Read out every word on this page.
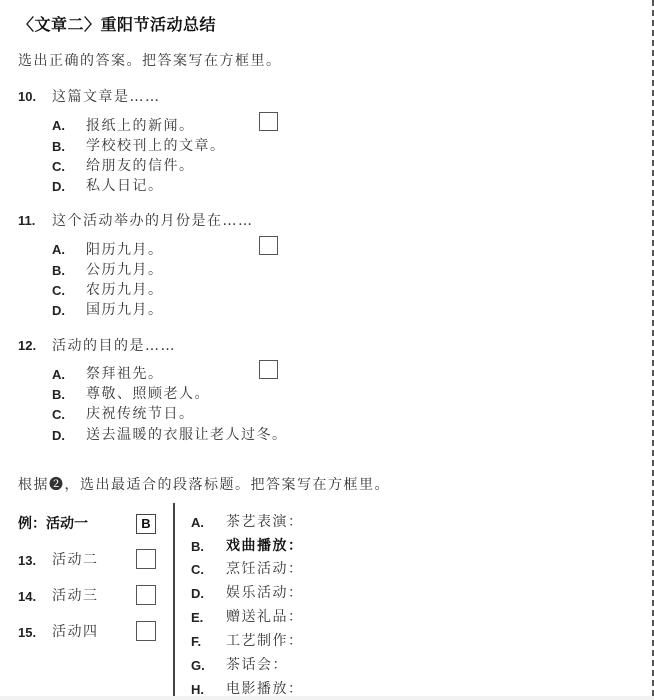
〈文章二〉重阳节活动总结
选出正确的答案。把答案写在方框里。
10. 这篇文章是……
A. 报纸上的新闻。
B. 学校校刊上的文章。
C. 给朋友的信件。
D. 私人日记。
11. 这个活动举办的月份是在……
A. 阳历九月。
B. 公历九月。
C. 农历九月。
D. 国历九月。
12. 活动的目的是……
A. 祭拜祖先。
B. 尊敬、照顾老人。
C. 庆祝传统节日。
D. 送去温暖的衣服让老人过冬。
根据❷，选出最适合的段落标题。把答案写在方框里。
例：活动一	B
13. 活动二
14. 活动三
15. 活动四
A. 茶艺表演：
B. 戏曲播放：
C. 烹饪活动：
D. 娱乐活动：
E. 赠送礼品：
F. 工艺制作：
G. 茶话会：
H. 电影播放：
